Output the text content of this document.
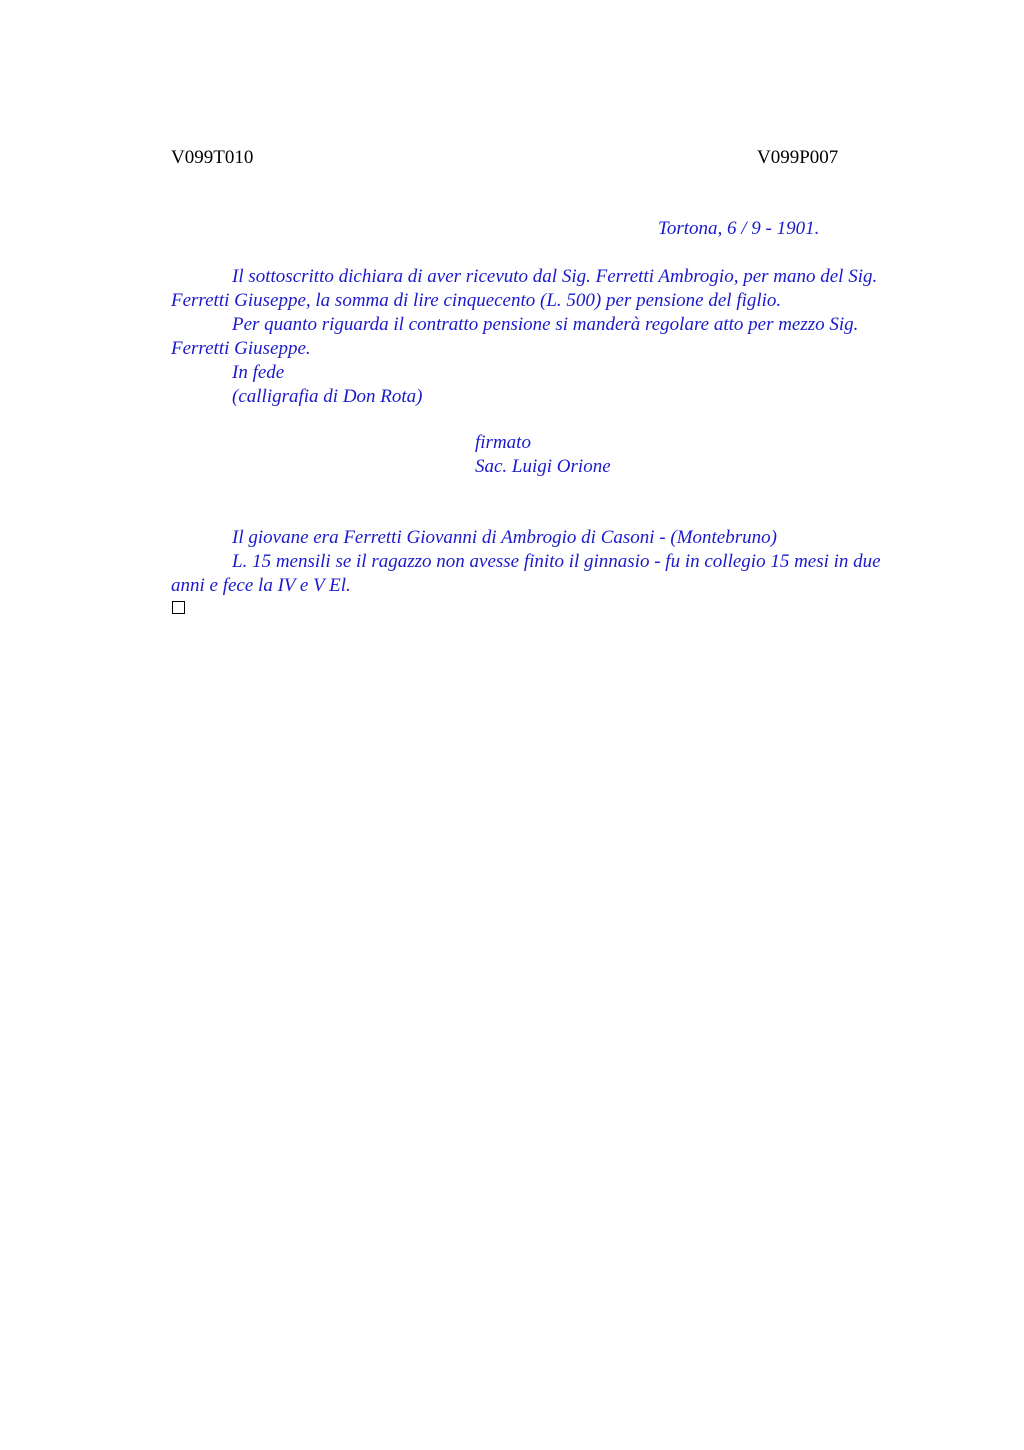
V099T010	V099P007
Tortona, 6 / 9 - 1901.

Il sottoscritto dichiara di aver ricevuto dal Sig. Ferretti Ambrogio, per mano del Sig. Ferretti Giuseppe, la somma di lire cinquecento (L. 500) per pensione del figlio.

Per quanto riguarda il contratto pensione si manderà regolare atto per mezzo Sig. Ferretti Giuseppe.

In fede

(calligrafia di Don Rota)

firmato
Sac. Luigi Orione

Il giovane era Ferretti Giovanni di Ambrogio di Casoni - (Montebruno)

L. 15 mensili se il ragazzo non avesse finito il ginnasio - fu in collegio 15 mesi in due anni e fece la IV e V El.
